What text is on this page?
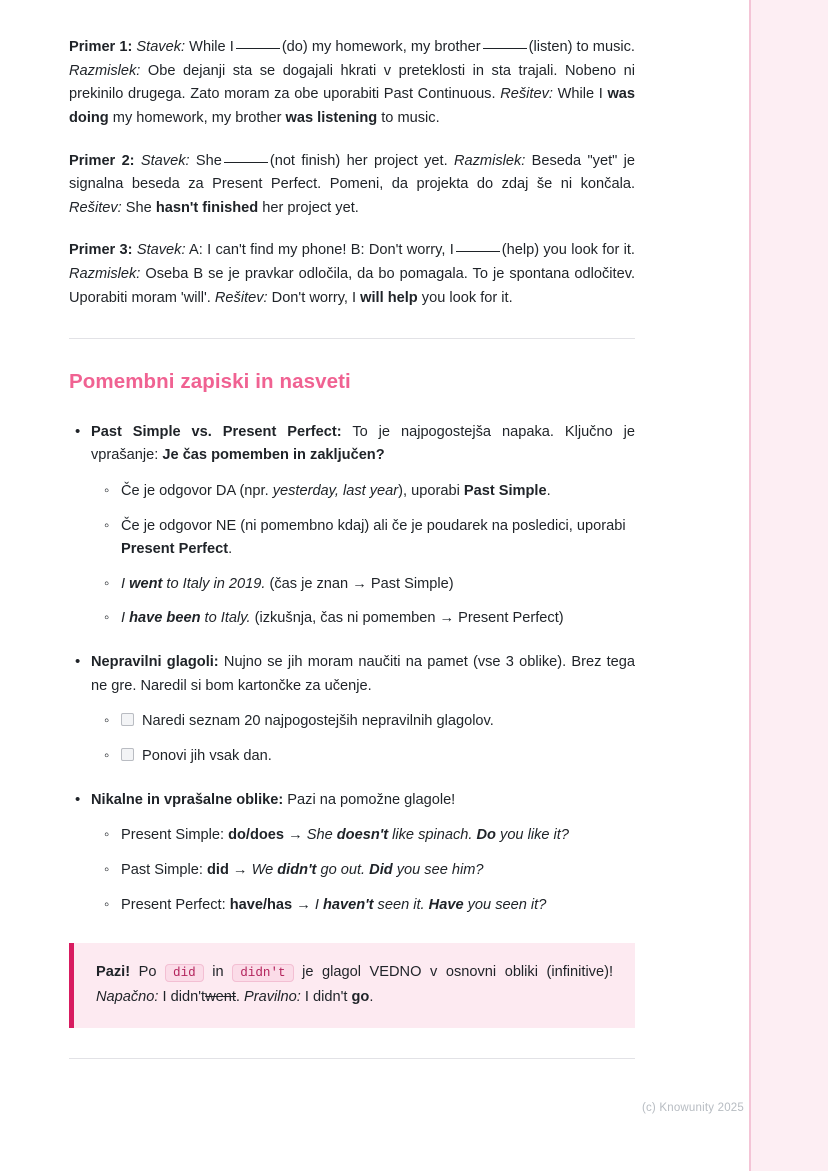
Primer 1: Stavek: While I	(do) my homework, my brother	(listen) to music. Razmislek: Obe dejanji sta se dogajali hkrati v preteklosti in sta trajali. Nobeno ni prekinilo drugega. Zato moram za obe uporabiti Past Continuous. Rešitev: While I was doing my homework, my brother was listening to music.

Primer 2: Stavek: She	(not finish) her project yet. Razmislek: Beseda "yet" je signalna beseda za Present Perfect. Pomeni, da projekta do zdaj še ni končala. Rešitev: She hasn't finished her project yet.

Primer 3: Stavek: A: I can't find my phone! B: Don't worry, I	(help) you look for it. Razmislek: Oseba B se je pravkar odločila, da bo pomagala. To je spontana odločitev. Uporabiti moram 'will'. Rešitev: Don't worry, I will help you look for it.

Pomembni zapiski in nasveti
• Past Simple vs. Present Perfect: To je najpogostejša napaka. Ključno je vprašanje: Je čas pomemben in zaključen?
◦ Če je odgovor DA (npr. yesterday, last year), uporabi Past Simple.
◦ Če je odgovor NE (ni pomembno kdaj) ali če je poudarek na posledici, uporabi Present Perfect.
◦ I went to Italy in 2019. (čas je znan → Past Simple)
◦ I have been to Italy. (izkušnja, čas ni pomemben → Present Perfect)
• Nepravilni glagoli: Nujno se jih moram naučiti na pamet (vse 3 oblike). Brez tega ne gre. Naredil si bom kartončke za učenje.
◦ Naredi seznam 20 najpogostejših nepravilnih glagolov.
◦ Ponovi jih vsak dan.
• Nikalne in vprašalne oblike: Pazi na pomožne glagole!
◦ Present Simple: do/does → She doesn't like spinach. Do you like it?
◦ Past Simple: did → We didn't go out. Did you see him?
◦ Present Perfect: have/has → I haven't seen it. Have you seen it?
Pazi! Po did in didn't je glagol VEDNO v osnovni obliki (infinitive)! Napačno: I didn'twent. Pravilno: I didn't go.
(c) Knowunity 2025
